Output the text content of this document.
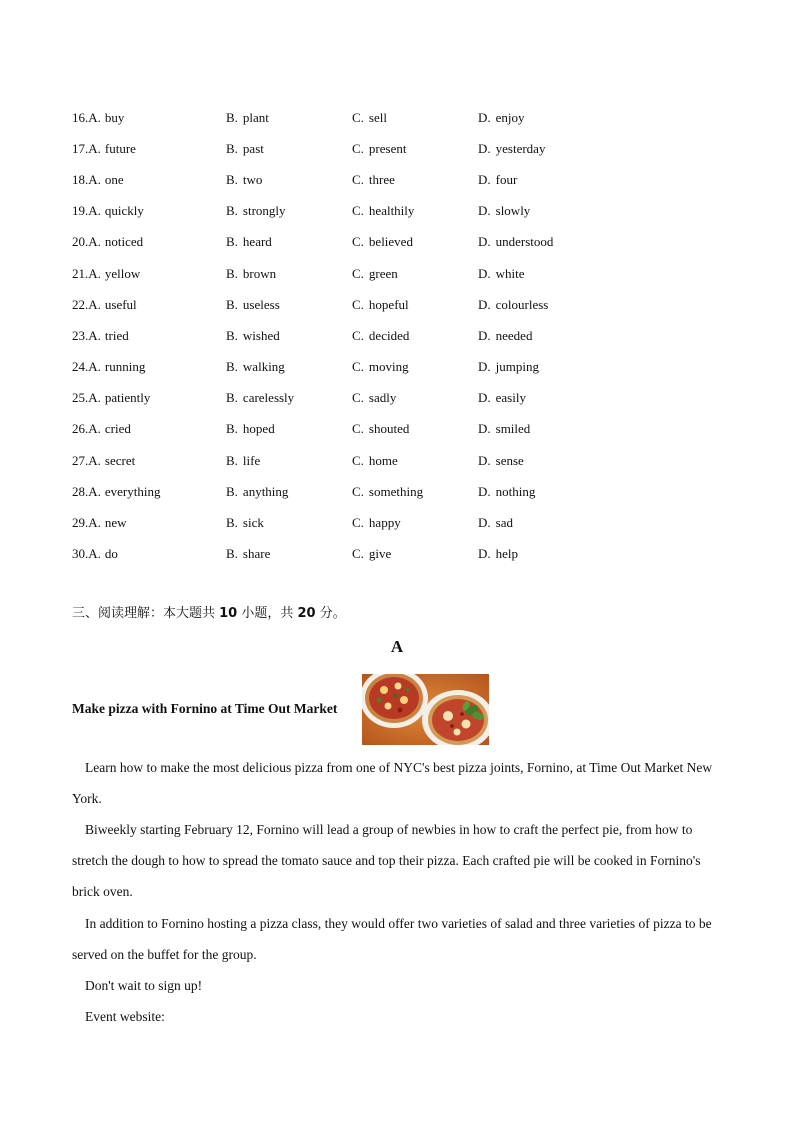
16. A. buy	B. plant	C. sell	D. enjoy
17. A. future	B. past	C. present	D. yesterday
18. A. one	B. two	C. three	D. four
19. A. quickly	B. strongly	C. healthily	D. slowly
20. A. noticed	B. heard	C. believed	D. understood
21. A. yellow	B. brown	C. green	D. white
22. A. useful	B. useless	C. hopeful	D. colourless
23. A. tried	B. wished	C. decided	D. needed
24. A. running	B. walking	C. moving	D. jumping
25. A. patiently	B. carelessly	C. sadly	D. easily
26. A. cried	B. hoped	C. shouted	D. smiled
27. A. secret	B. life	C. home	D. sense
28. A. everything	B. anything	C. something	D. nothing
29. A. new	B. sick	C. happy	D. sad
30. A. do	B. share	C. give	D. help
三、阅读理解：本大题共 10 小题，共 20 分。
A
Make pizza with Fornino at Time Out Market
Learn how to make the most delicious pizza from one of NYC's best pizza joints, Fornino, at Time Out Market New York.
Biweekly starting February 12, Fornino will lead a group of newbies in how to craft the perfect pie, from how to stretch the dough to how to spread the tomato sauce and top their pizza. Each crafted pie will be cooked in Fornino's brick oven.
In addition to Fornino hosting a pizza class, they would offer two varieties of salad and three varieties of pizza to be served on the buffet for the group.
Don't wait to sign up!
Event website:
